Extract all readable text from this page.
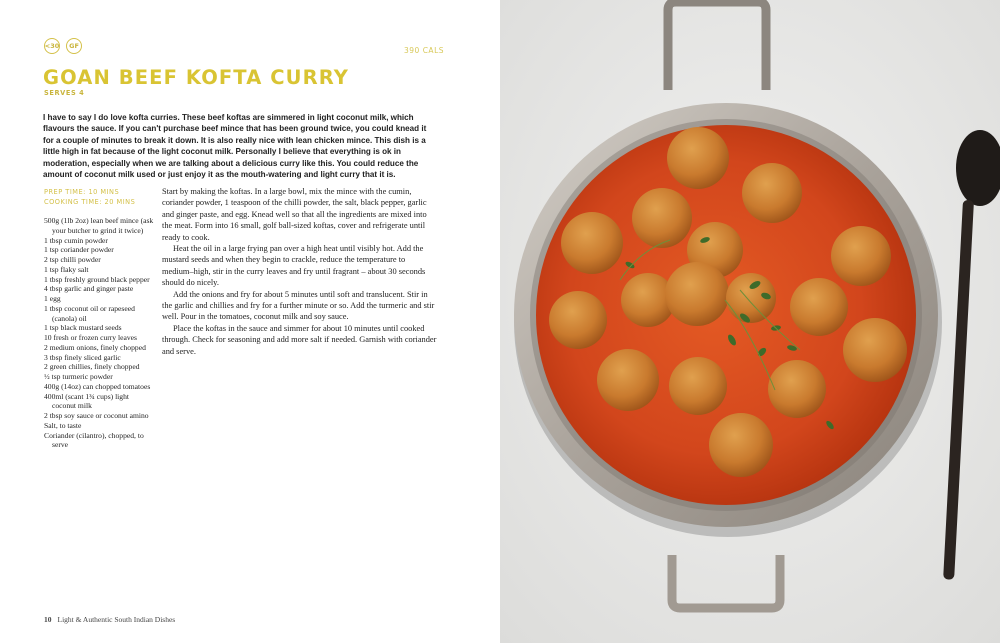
<30	GF	390 CALS
GOAN BEEF KOFTA CURRY
SERVES 4

I have to say I do love kofta curries. These beef koftas are simmered in light coconut milk, which flavours the sauce. If you can't purchase beef mince that has been ground twice, you could knead it for a couple of minutes to break it down. It is also really nice with lean chicken mince. This dish is a little high in fat because of the light coconut milk. Personally I believe that everything is ok in moderation, especially when we are talking about a delicious curry like this. You could reduce the amount of coconut milk used or just enjoy it as the mouth-watering and light curry that it is.

PREP TIME: 10 MINS
COOKING TIME: 20 MINS
500g (1lb 2oz) lean beef mince (ask your butcher to grind it twice)
1 tbsp cumin powder
1 tsp coriander powder
2 tsp chilli powder
1 tsp flaky salt
1 tbsp freshly ground black pepper
4 tbsp garlic and ginger paste
1 egg
1 tbsp coconut oil or rapeseed (canola) oil
1 tsp black mustard seeds
10 fresh or frozen curry leaves
2 medium onions, finely chopped
3 tbsp finely sliced garlic
2 green chillies, finely chopped
½ tsp turmeric powder
400g (14oz) can chopped tomatoes
400ml (scant 1¾ cups) light coconut milk
2 tbsp soy sauce or coconut amino
Salt, to taste
Coriander (cilantro), chopped, to serve

Start by making the koftas. In a large bowl, mix the mince with the cumin, coriander powder, 1 teaspoon of the chilli powder, the salt, black pepper, garlic and ginger paste, and egg. Knead well so that all the ingredients are mixed into the meat. Form into 16 small, golf ball-sized koftas, cover and refrigerate until ready to cook.

Heat the oil in a large frying pan over a high heat until visibly hot. Add the mustard seeds and when they begin to crackle, reduce the temperature to medium–high, stir in the curry leaves and fry until fragrant – about 30 seconds should do nicely.

Add the onions and fry for about 5 minutes until soft and translucent. Stir in the garlic and chillies and fry for a further minute or so. Add the turmeric and stir well. Pour in the tomatoes, coconut milk and soy sauce.

Place the koftas in the sauce and simmer for about 10 minutes until cooked through. Check for seasoning and add more salt if needed. Garnish with coriander and serve.

10 Light & Authentic South Indian Dishes
